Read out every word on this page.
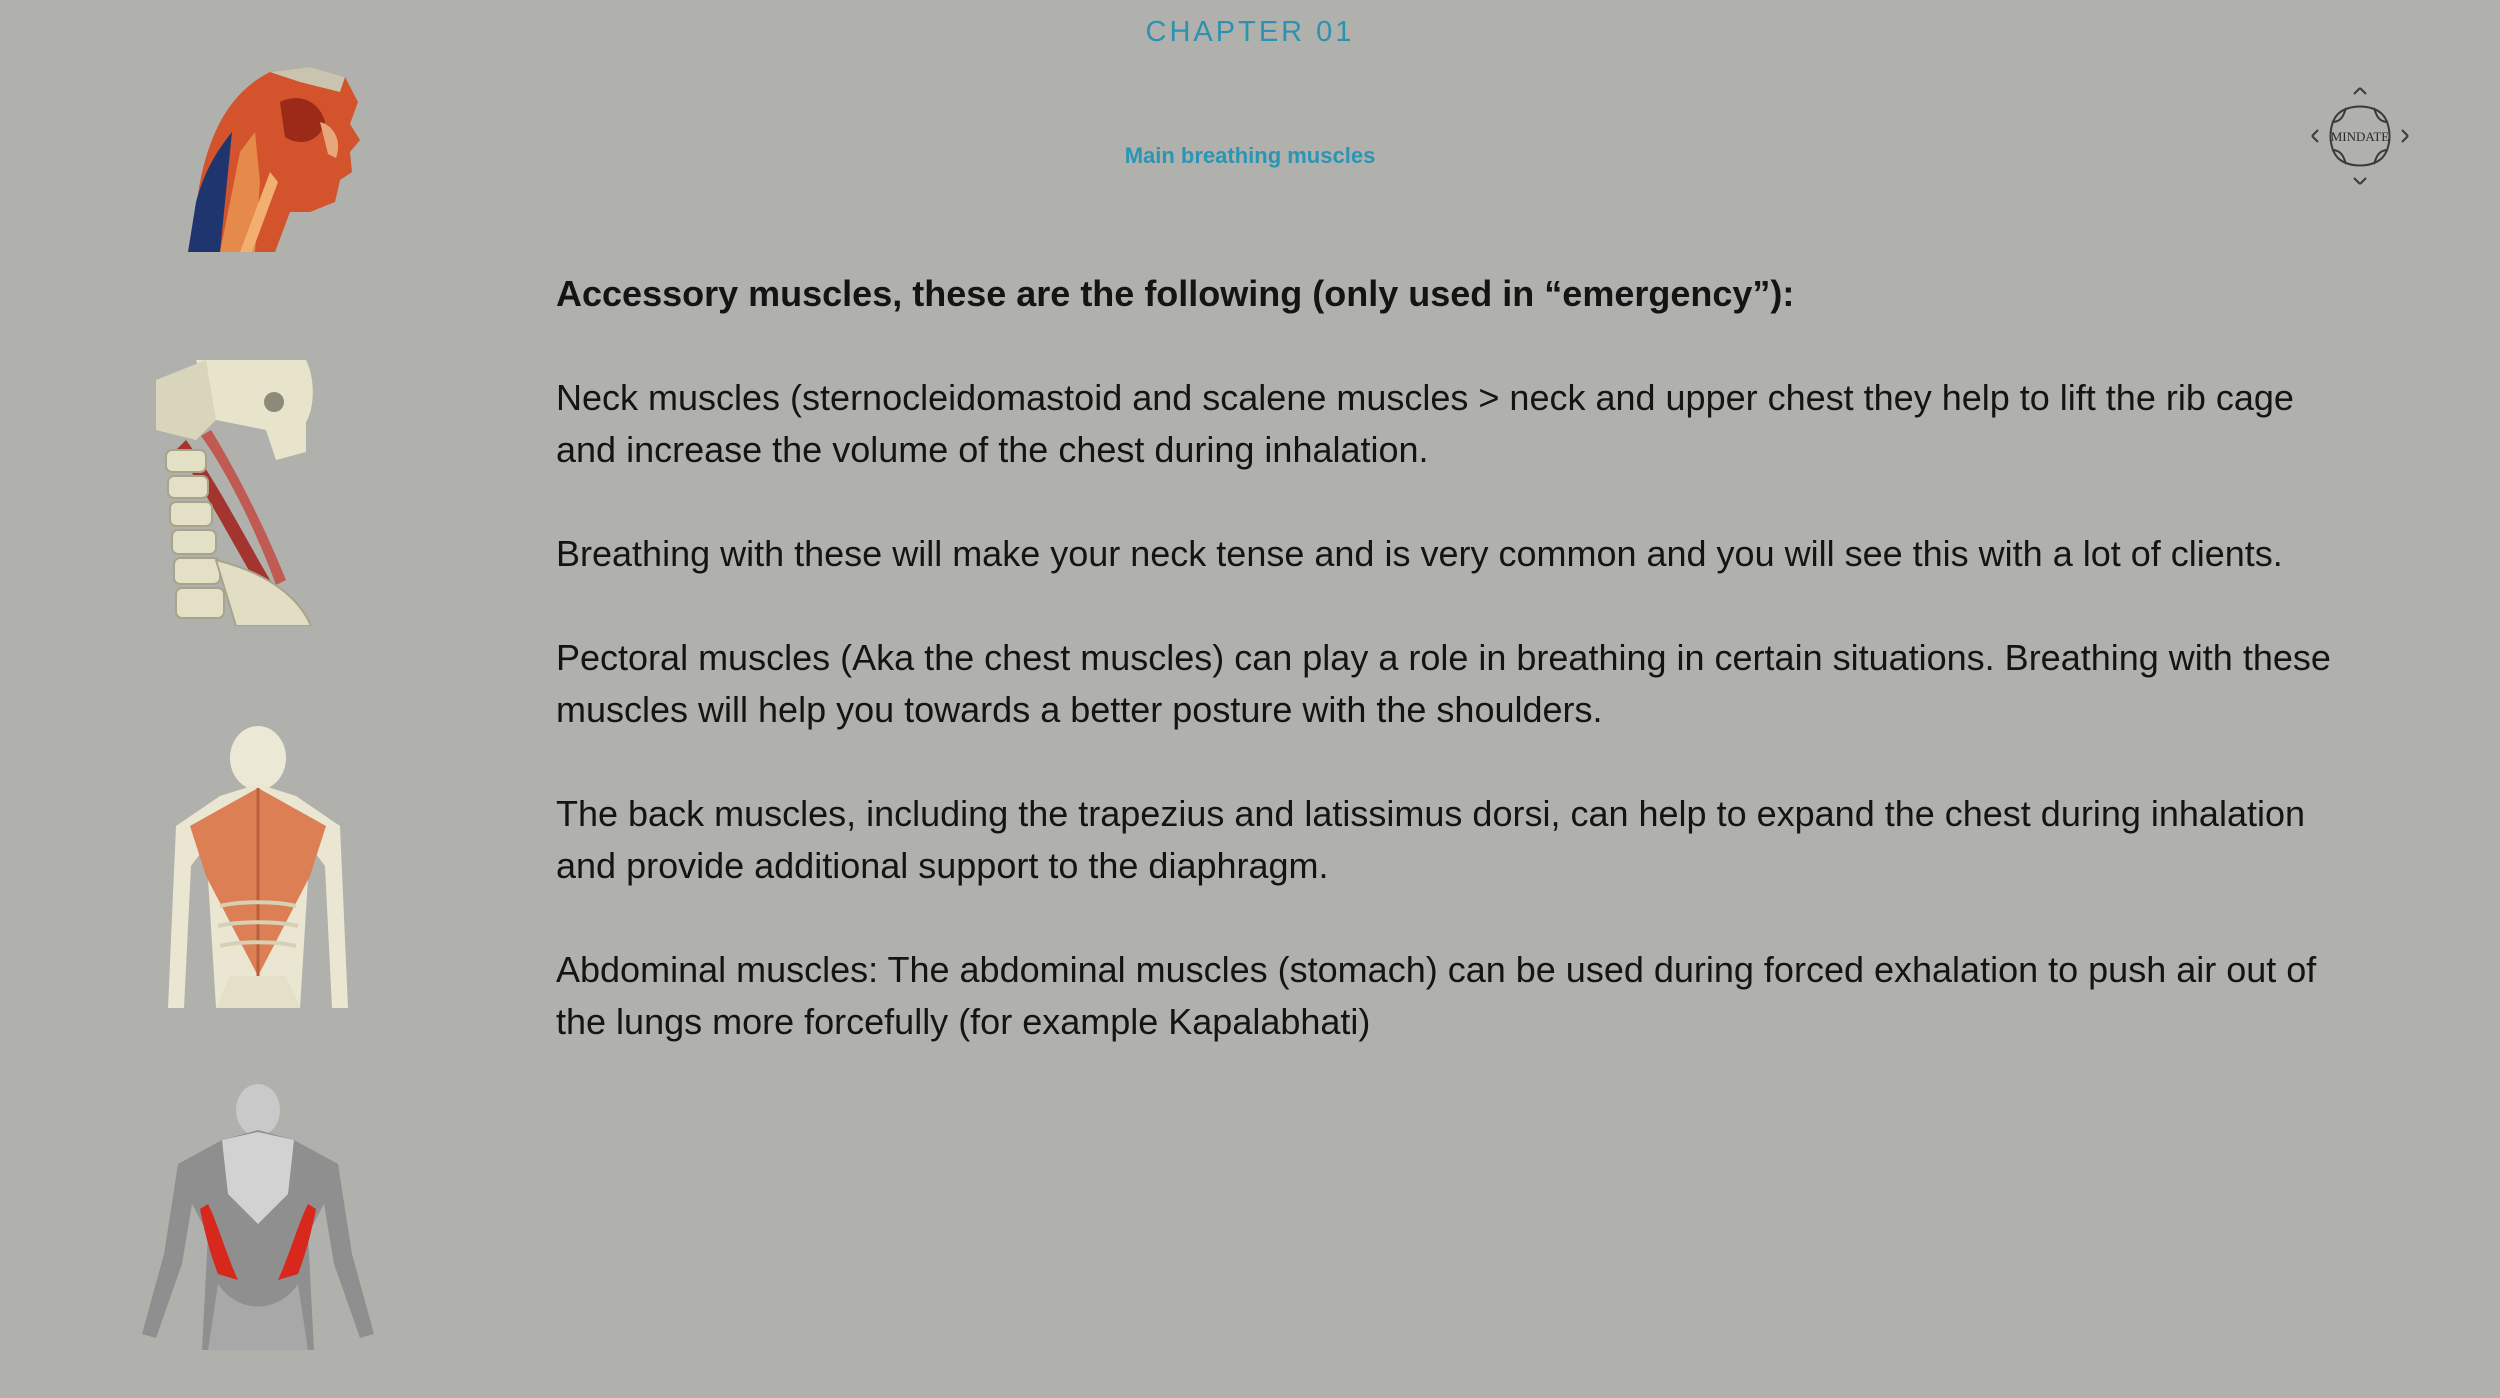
CHAPTER 01
Main breathing muscles
MINDATE

Accessory muscles, these are the following (only used in “emergency”):

Neck muscles (sternocleidomastoid and scalene muscles > neck and upper chest they help to lift the rib cage and increase the volume of the chest during inhalation.

Breathing with these will make your neck tense and is very common and you will see this with a lot of clients.

Pectoral muscles (Aka the chest muscles) can play a role in breathing in certain situations. Breathing with these muscles will help you towards a better posture with the shoulders.

The back muscles, including the trapezius and latissimus dorsi, can help to expand the chest during inhalation and provide additional support to the diaphragm.

Abdominal muscles: The abdominal muscles (stomach) can be used during forced exhalation to push air out of the lungs more forcefully (for example Kapalabhati)
